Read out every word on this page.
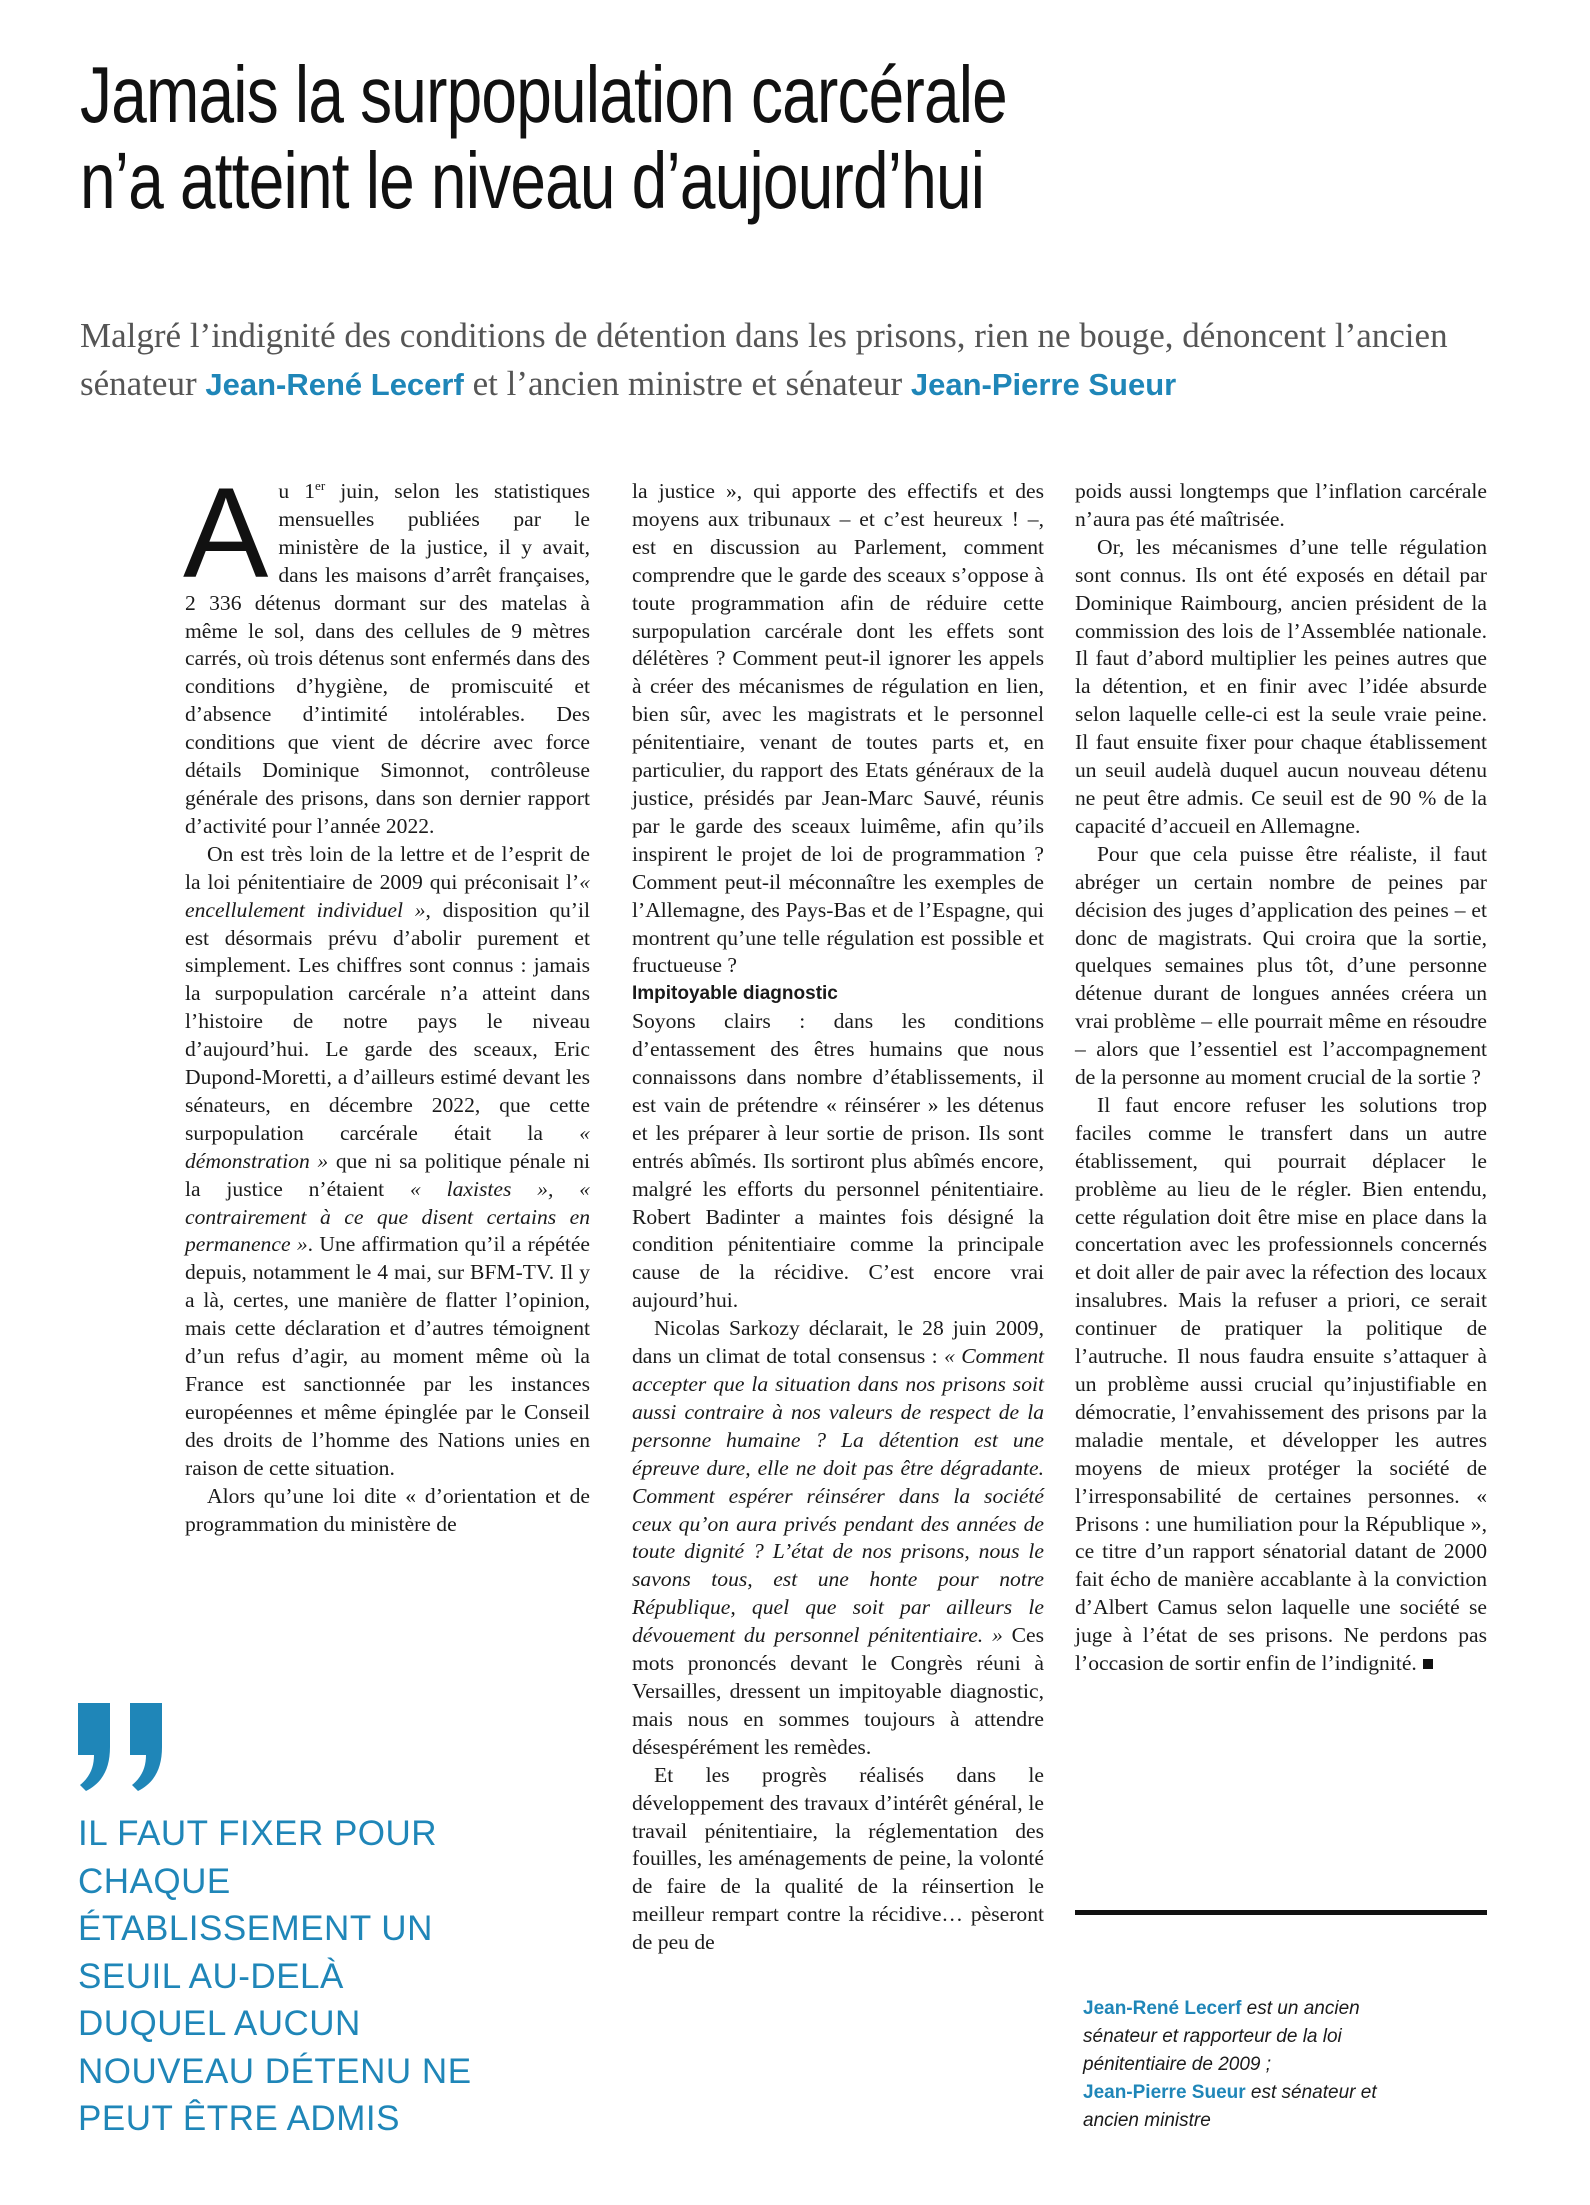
Jamais la surpopulation carcérale
n’a atteint le niveau d’aujourd’hui

Malgré l’indignité des conditions de détention dans les prisons, rien ne bouge, dénoncent l’ancien sénateur Jean-René Lecerf et l’ancien ministre et sénateur Jean-Pierre Sueur

Au 1er juin, selon les statistiques mensuelles publiées par le ministère de la justice, il y avait, dans les maisons d’arrêt françaises, 2 336 détenus dormant sur des matelas à même le sol, dans des cellules de 9 mètres carrés, où trois détenus sont enfermés dans des conditions d’hygiène, de promiscuité et d’absence d’intimité intolérables. Des conditions que vient de décrire avec force détails Dominique Simonnot, contrôleuse générale des prisons, dans son dernier rapport d’activité pour l’année 2022.

On est très loin de la lettre et de l’esprit de la loi pénitentiaire de 2009 qui préconisait l’« encellulement individuel », disposition qu’il est désormais prévu d’abolir purement et simplement. Les chiffres sont connus : jamais la surpopulation carcérale n’a atteint dans l’histoire de notre pays le niveau d’aujourd’hui. Le garde des sceaux, Eric Dupond-Moretti, a d’ailleurs estimé devant les sénateurs, en décembre 2022, que cette surpopulation carcérale était la « démonstration » que ni sa politique pénale ni la justice n’étaient « laxistes », « contrairement à ce que disent certains en permanence ». Une affirmation qu’il a répétée depuis, notamment le 4 mai, sur BFM-TV. Il y a là, certes, une manière de flatter l’opinion, mais cette déclaration et d’autres témoignent d’un refus d’agir, au moment même où la France est sanctionnée par les instances européennes et même épinglée par le Conseil des droits de l’homme des Nations unies en raison de cette situation.

Alors qu’une loi dite « d’orientation et de programmation du ministère de

la justice », qui apporte des effectifs et des moyens aux tribunaux – et c’est heureux ! –, est en discussion au Parlement, comment comprendre que le garde des sceaux s’oppose à toute programmation afin de réduire cette surpopulation carcérale dont les effets sont délétères ? Comment peut-il ignorer les appels à créer des mécanismes de régulation en lien, bien sûr, avec les magistrats et le personnel pénitentiaire, venant de toutes parts et, en particulier, du rapport des Etats généraux de la justice, présidés par Jean-Marc Sauvé, réunis par le garde des sceaux luimême, afin qu’ils inspirent le projet de loi de programmation ? Comment peut-il méconnaître les exemples de l’Allemagne, des Pays-Bas et de l’Espagne, qui montrent qu’une telle régulation est possible et fructueuse ?

Impitoyable diagnostic

Soyons clairs : dans les conditions d’entassement des êtres humains que nous connaissons dans nombre d’établissements, il est vain de prétendre « réinsérer » les détenus et les préparer à leur sortie de prison. Ils sont entrés abîmés. Ils sortiront plus abîmés encore, malgré les efforts du personnel pénitentiaire. Robert Badinter a maintes fois désigné la condition pénitentiaire comme la principale cause de la récidive. C’est encore vrai aujourd’hui.

Nicolas Sarkozy déclarait, le 28 juin 2009, dans un climat de total consensus : « Comment accepter que la situation dans nos prisons soit aussi contraire à nos valeurs de respect de la personne humaine ? La détention est une épreuve dure, elle ne doit pas être dégradante. Comment espérer réinsérer dans la société ceux qu’on aura privés pendant des années de toute dignité ? L’état de nos prisons, nous le savons tous, est une honte pour notre République, quel que soit par ailleurs le dévouement du personnel pénitentiaire. » Ces mots prononcés devant le Congrès réuni à Versailles, dressent un impitoyable diagnostic, mais nous en sommes toujours à attendre désespérément les remèdes.

Et les progrès réalisés dans le développement des travaux d’intérêt général, le travail pénitentiaire, la réglementation des fouilles, les aménagements de peine, la volonté de faire de la qualité de la réinsertion le meilleur rempart contre la récidive… pèseront de peu de

poids aussi longtemps que l’inflation carcérale n’aura pas été maîtrisée.

Or, les mécanismes d’une telle régulation sont connus. Ils ont été exposés en détail par Dominique Raimbourg, ancien président de la commission des lois de l’Assemblée nationale. Il faut d’abord multiplier les peines autres que la détention, et en finir avec l’idée absurde selon laquelle celle-ci est la seule vraie peine. Il faut ensuite fixer pour chaque établissement un seuil audelà duquel aucun nouveau détenu ne peut être admis. Ce seuil est de 90 % de la capacité d’accueil en Allemagne.

Pour que cela puisse être réaliste, il faut abréger un certain nombre de peines par décision des juges d’application des peines – et donc de magistrats. Qui croira que la sortie, quelques semaines plus tôt, d’une personne détenue durant de longues années créera un vrai problème – elle pourrait même en résoudre – alors que l’essentiel est l’accompagnement de la personne au moment crucial de la sortie ?

Il faut encore refuser les solutions trop faciles comme le transfert dans un autre établissement, qui pourrait déplacer le problème au lieu de le régler. Bien entendu, cette régulation doit être mise en place dans la concertation avec les professionnels concernés et doit aller de pair avec la réfection des locaux insalubres. Mais la refuser a priori, ce serait continuer de pratiquer la politique de l’autruche. Il nous faudra ensuite s’attaquer à un problème aussi crucial qu’injustifiable en démocratie, l’envahissement des prisons par la maladie mentale, et développer les autres moyens de mieux protéger la société de l’irresponsabilité de certaines personnes. « Prisons : une humiliation pour la République », ce titre d’un rapport sénatorial datant de 2000 fait écho de manière accablante à la conviction d’Albert Camus selon laquelle une société se juge à l’état de ses prisons. Ne perdons pas l’occasion de sortir enfin de l’indignité.

IL FAUT FIXER POUR CHAQUE ÉTABLISSEMENT UN SEUIL AU-DELÀ DUQUEL AUCUN NOUVEAU DÉTENU NE PEUT ÊTRE ADMIS

Jean-René Lecerf est un ancien sénateur et rapporteur de la loi pénitentiaire de 2009 ;
Jean-Pierre Sueur est sénateur et ancien ministre
